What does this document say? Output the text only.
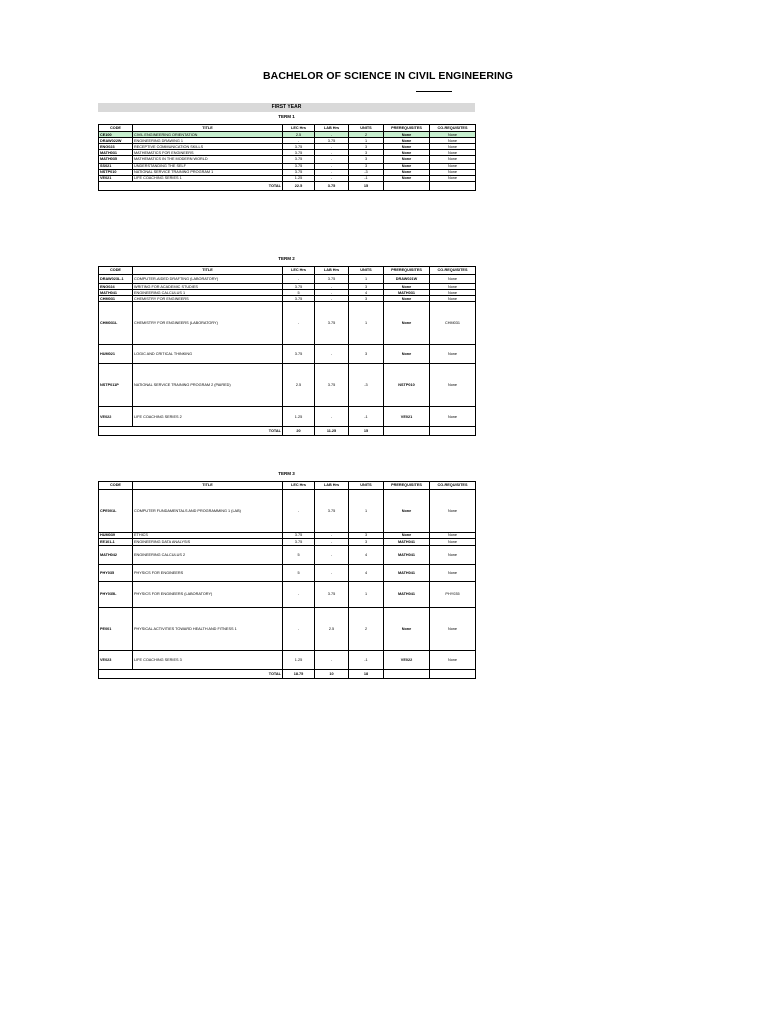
BACHELOR OF SCIENCE IN CIVIL ENGINEERING
FIRST YEAR
TERM 1
CODE	TITLE	LEC Hrs	LAB Hrs	UNITS	PREREQUISITES	CO-REQUISITES
CE100	CIVIL ENGINEERING ORIENTATION	2.5	-	2	None	None
DRAW022W	ENGINEERING DRAWING 1	-	3.75	1	None	None
ENG023	RECEPTIVE COMMUNICATION SKILLS	3.75	-	3	None	None
MATH031	MATHEMATICS FOR ENGINEERS	3.75	-	3	None	None
MATH035	MATHEMATICS IN THE MODERN WORLD	3.75	-	3	None	None
SS021	UNDERSTANDING THE SELF	3.75	-	3	None	None
NSTP010	NATIONAL SERVICE TRAINING PROGRAM 1	3.75	-	-3	None	None
VE021	LIFE COACHING SERIES 1	1.25	-	-1	None	None
TOTAL		22.5	3.75	15		
TERM 2
CODE	TITLE	LEC Hrs	LAB Hrs	UNITS	PREREQUISITES	CO-REQUISITES
DRAW023L-1	COMPUTER-AIDED DRAFTING (LABORATORY)	-	3.75	1	DRAW021W	None
ENG024	WRITING FOR ACADEMIC STUDIES	3.75	-	3	None	None
MATH041	ENGINEERING CALCULUS 1	5	-	4	MATH031	None
CHM031	CHEMISTRY FOR ENGINEERS	3.75	-	3	None	None
CHM031L	CHEMISTRY FOR ENGINEERS (LABORATORY)	-	3.75	1	None	CHM031
HUM021	LOGIC AND CRITICAL THINKING	3.75	-	3	None	None
NSTP011P	NATIONAL SERVICE TRAINING PROGRAM 2 (PAIRED)	2.5	3.75	-3	NSTP010	None
VE022	LIFE COACHING SERIES 2	1.25	-	-1	VE021	None
TOTAL		20	11.25	15		
TERM 3
CODE	TITLE	LEC Hrs	LAB Hrs	UNITS	PREREQUISITES	CO-REQUISITES
CPE001L	COMPUTER FUNDAMENTALS AND PROGRAMMING 1 (LAB)	-	3.75	1	None	None
HUM039	ETHICS	3.75	-	3	None	None
EE101-1	ENGINEERING DATA ANALYSIS	3.75	-	3	MATH041	None
MATH042	ENGINEERING CALCULUS 2	5	-	4	MATH041	None
PHY035	PHYSICS FOR ENGINEERS	5	-	4	MATH041	None
PHY035L	PHYSICS FOR ENGINEERS (LABORATORY)	-	3.75	1	MATH041	PHY035
PE001	PHYSICAL ACTIVITIES TOWARD HEALTH AND FITNESS 1	-	2.5	2	None	None
VE023	LIFE COACHING SERIES 3	1.25	-	-1	VE022	None
TOTAL		18.75	10	18		
